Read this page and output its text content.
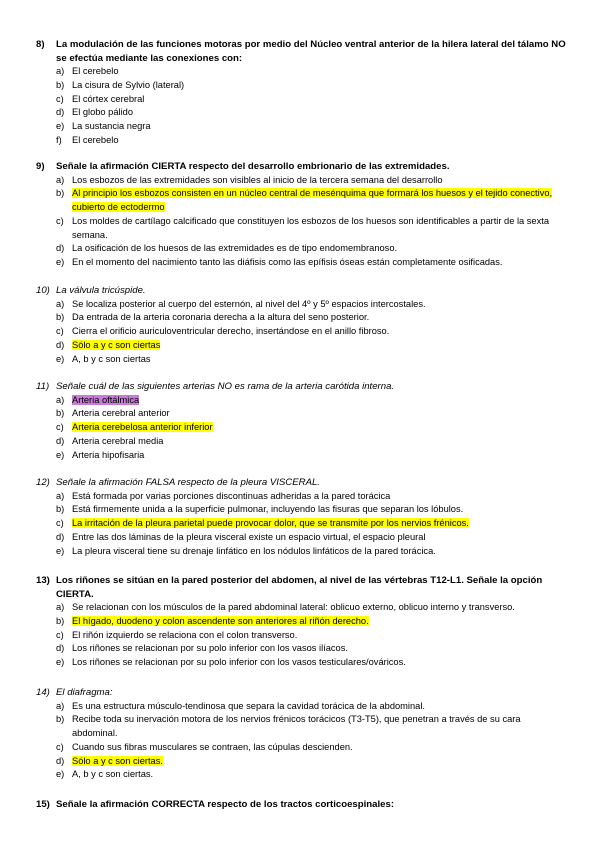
8)	La modulación de las funciones motoras por medio del Núcleo ventral anterior de la hilera lateral del tálamo NO se efectúa mediante las conexiones con:
a) El cerebelo
b) La cisura de Sylvio (lateral)
c) El córtex cerebral
d) El globo pálido
e) La sustancia negra
f)	El cerebelo
9)	Señale la afirmación CIERTA respecto del desarrollo embrionario de las extremidades.
a) Los esbozos de las extremidades son visibles al inicio de la tercera semana del desarrollo
b) Al principio los esbozos consisten en un núcleo central de mesénquima que formará los huesos y el tejido conectivo, cubierto de ectodermo
c) Los moldes de cartílago calcificado que constituyen los esbozos de los huesos son identificables a partir de la sexta semana.
d) La osificación de los huesos de las extremidades es de tipo endomembranoso.
e) En el momento del nacimiento tanto las diáfisis como las epífisis óseas están completamente osificadas.
10) La válvula tricúspide.
a) Se localiza posterior al cuerpo del esternón, al nivel del 4º y 5º espacios intercostales.
b) Da entrada de la arteria coronaria derecha a la altura del seno posterior.
c) Cierra el orificio auriculoventricular derecho, insertándose en el anillo fibroso.
d) Sólo a y c son ciertas
e) A, b y c son ciertas
11) Señale cuál de las siguientes arterias NO es rama de la arteria carótida interna.
a) Arteria oftálmica
b) Arteria cerebral anterior
c) Arteria cerebelosa anterior inferior
d) Arteria cerebral media
e) Arteria hipofisaria
12) Señale la afirmación FALSA respecto de la pleura VISCERAL.
a) Está formada por varias porciones discontinuas adheridas a la pared torácica
b) Está firmemente unida a la superficie pulmonar, incluyendo las fisuras que separan los lóbulos.
c) La irritación de la pleura parietal puede provocar dolor, que se transmite por los nervios frénicos.
d) Entre las dos láminas de la pleura visceral existe un espacio virtual, el espacio pleural
e) La pleura visceral tiene su drenaje linfático en los nódulos linfáticos de la pared torácica.
13) Los riñones se sitúan en la pared posterior del abdomen, al nivel de las vértebras T12-L1. Señale la opción CIERTA.
a) Se relacionan con los músculos de la pared abdominal lateral: oblicuo externo, oblicuo interno y transverso.
b) El hígado, duodeno y colon ascendente son anteriores al riñón derecho.
c) El riñón izquierdo se relaciona con el colon transverso.
d) Los riñones se relacionan por su polo inferior con los vasos ilíacos.
e) Los riñones se relacionan por su polo inferior con los vasos testiculares/ováricos.
14) El diafragma:
a) Es una estructura músculo-tendinosa que separa la cavidad torácica de la abdominal.
b) Recibe toda su inervación motora de los nervios frénicos torácicos (T3-T5), que penetran a través de su cara abdominal.
c) Cuando sus fibras musculares se contraen, las cúpulas descienden.
d) Sólo a y c son ciertas.
e) A, b y c son ciertas.
15) Señale la afirmación CORRECTA respecto de los tractos corticoespinales:
